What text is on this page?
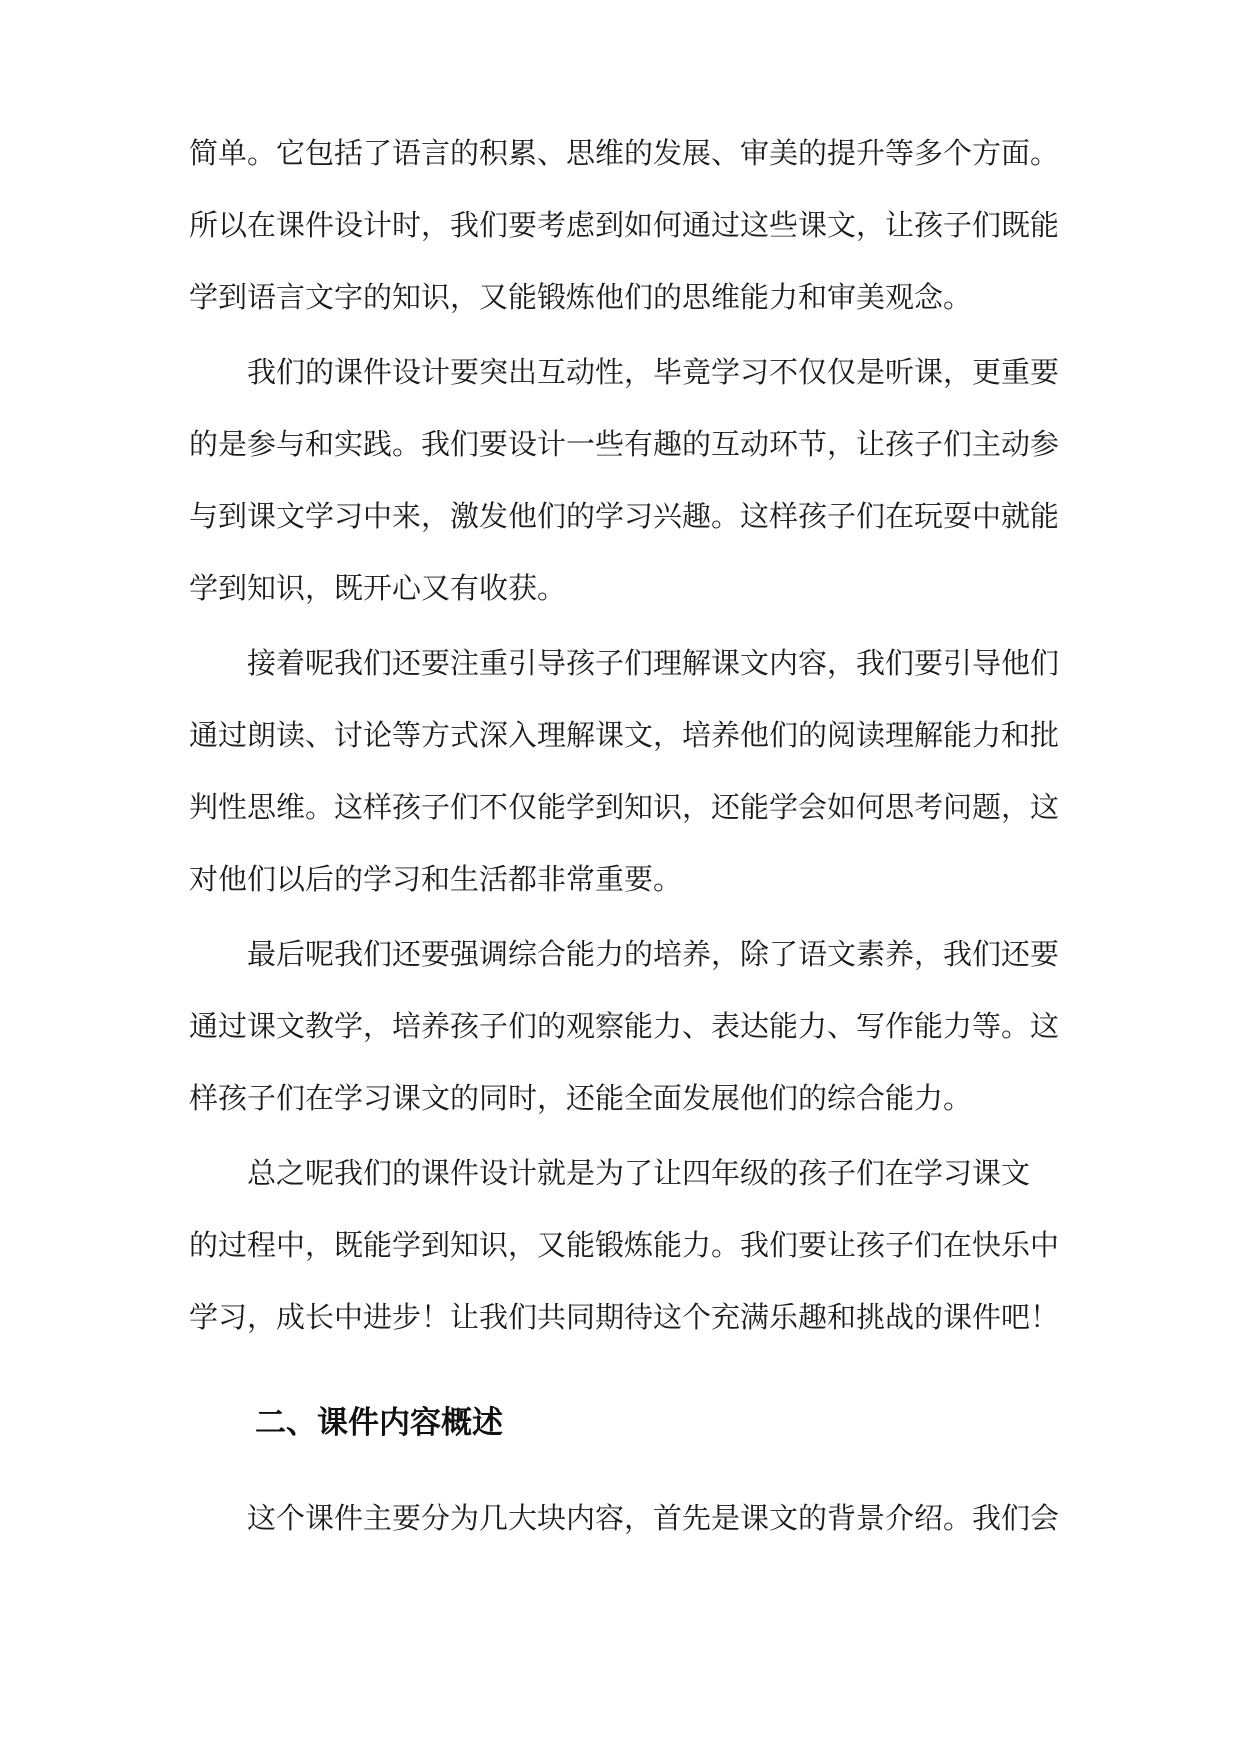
简单。它包括了语言的积累、思维的发展、审美的提升等多个方面。
所以在课件设计时，我们要考虑到如何通过这些课文，让孩子们既能
学到语言文字的知识，又能锻炼他们的思维能力和审美观念。
我们的课件设计要突出互动性，毕竟学习不仅仅是听课，更重要
的是参与和实践。我们要设计一些有趣的互动环节，让孩子们主动参
与到课文学习中来，激发他们的学习兴趣。这样孩子们在玩耍中就能
学到知识，既开心又有收获。
接着呢我们还要注重引导孩子们理解课文内容，我们要引导他们
通过朗读、讨论等方式深入理解课文，培养他们的阅读理解能力和批
判性思维。这样孩子们不仅能学到知识，还能学会如何思考问题，这
对他们以后的学习和生活都非常重要。
最后呢我们还要强调综合能力的培养，除了语文素养，我们还要
通过课文教学，培养孩子们的观察能力、表达能力、写作能力等。这
样孩子们在学习课文的同时，还能全面发展他们的综合能力。
总之呢我们的课件设计就是为了让四年级的孩子们在学习课文
的过程中，既能学到知识，又能锻炼能力。我们要让孩子们在快乐中
学习，成长中进步！让我们共同期待这个充满乐趣和挑战的课件吧！
二、课件内容概述
这个课件主要分为几大块内容，首先是课文的背景介绍。我们会
